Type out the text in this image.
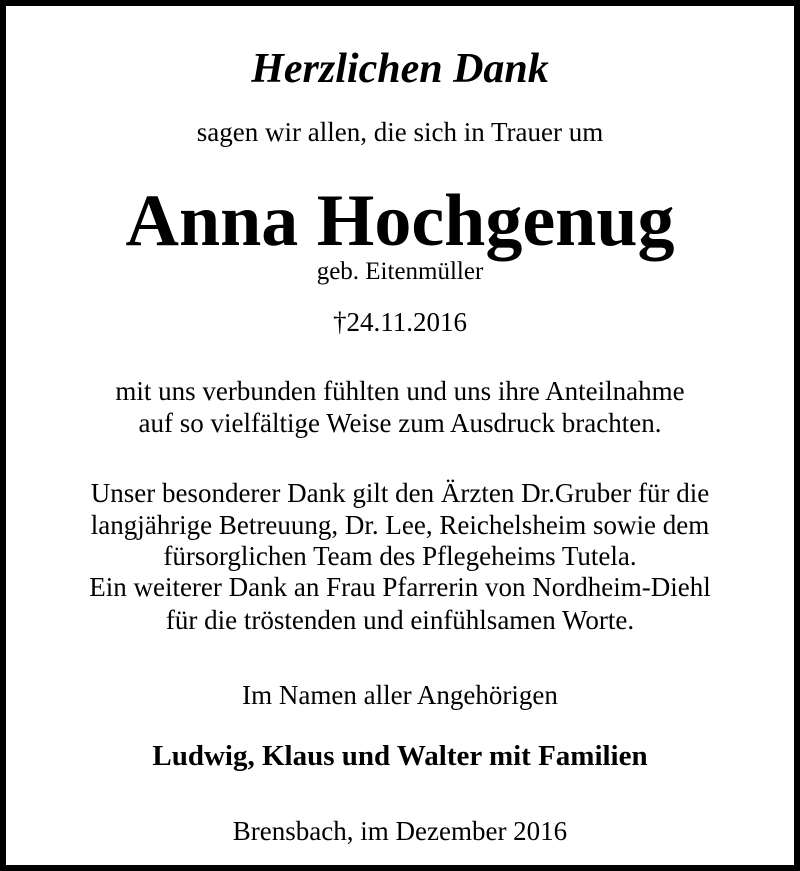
Herzlichen Dank
sagen wir allen, die sich in Trauer um
Anna Hochgenug
geb. Eitenmüller
†24.11.2016
mit uns verbunden fühlten und uns ihre Anteilnahme
auf so vielfältige Weise zum Ausdruck brachten.
Unser besonderer Dank gilt den Ärzten Dr.Gruber für die
langjährige Betreuung, Dr. Lee, Reichelsheim sowie dem
fürsorglichen Team des Pflegeheims Tutela.
Ein weiterer Dank an Frau Pfarrerin von Nordheim-Diehl
für die tröstenden und einfühlsamen Worte.
Im Namen aller Angehörigen
Ludwig, Klaus und Walter mit Familien
Brensbach, im Dezember 2016
